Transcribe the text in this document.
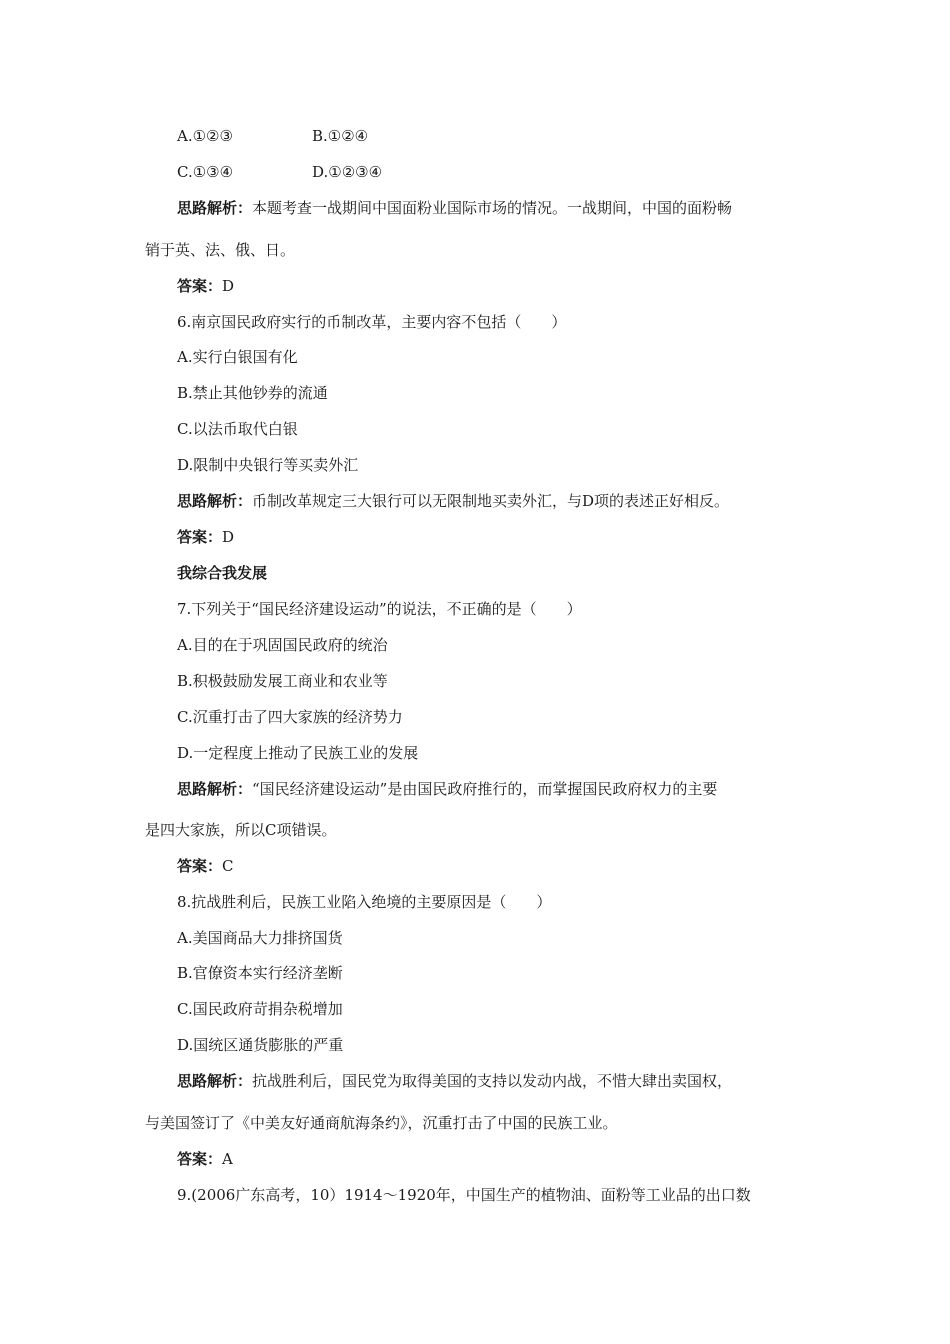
A.①②③	B.①②④
C.①③④	D.①②③④
思路解析：本题考查一战期间中国面粉业国际市场的情况。一战期间，中国的面粉畅
销于英、法、俄、日。
答案：D
6.南京国民政府实行的币制改革，主要内容不包括（　　）
A.实行白银国有化
B.禁止其他钞券的流通
C.以法币取代白银
D.限制中央银行等买卖外汇
思路解析：币制改革规定三大银行可以无限制地买卖外汇，与D项的表述正好相反。
答案：D
我综合我发展
7.下列关于“国民经济建设运动”的说法，不正确的是（　　）
A.目的在于巩固国民政府的统治
B.积极鼓励发展工商业和农业等
C.沉重打击了四大家族的经济势力
D.一定程度上推动了民族工业的发展
思路解析：“国民经济建设运动”是由国民政府推行的，而掌握国民政府权力的主要
是四大家族，所以C项错误。
答案：C
8.抗战胜利后，民族工业陷入绝境的主要原因是（　　）
A.美国商品大力排挤国货
B.官僚资本实行经济垄断
C.国民政府苛捐杂税增加
D.国统区通货膨胀的严重
思路解析：抗战胜利后，国民党为取得美国的支持以发动内战，不惜大肆出卖国权，
与美国签订了《中美友好通商航海条约》，沉重打击了中国的民族工业。
答案：A
9.(2006广东高考，10）1914～1920年，中国生产的植物油、面粉等工业品的出口数
